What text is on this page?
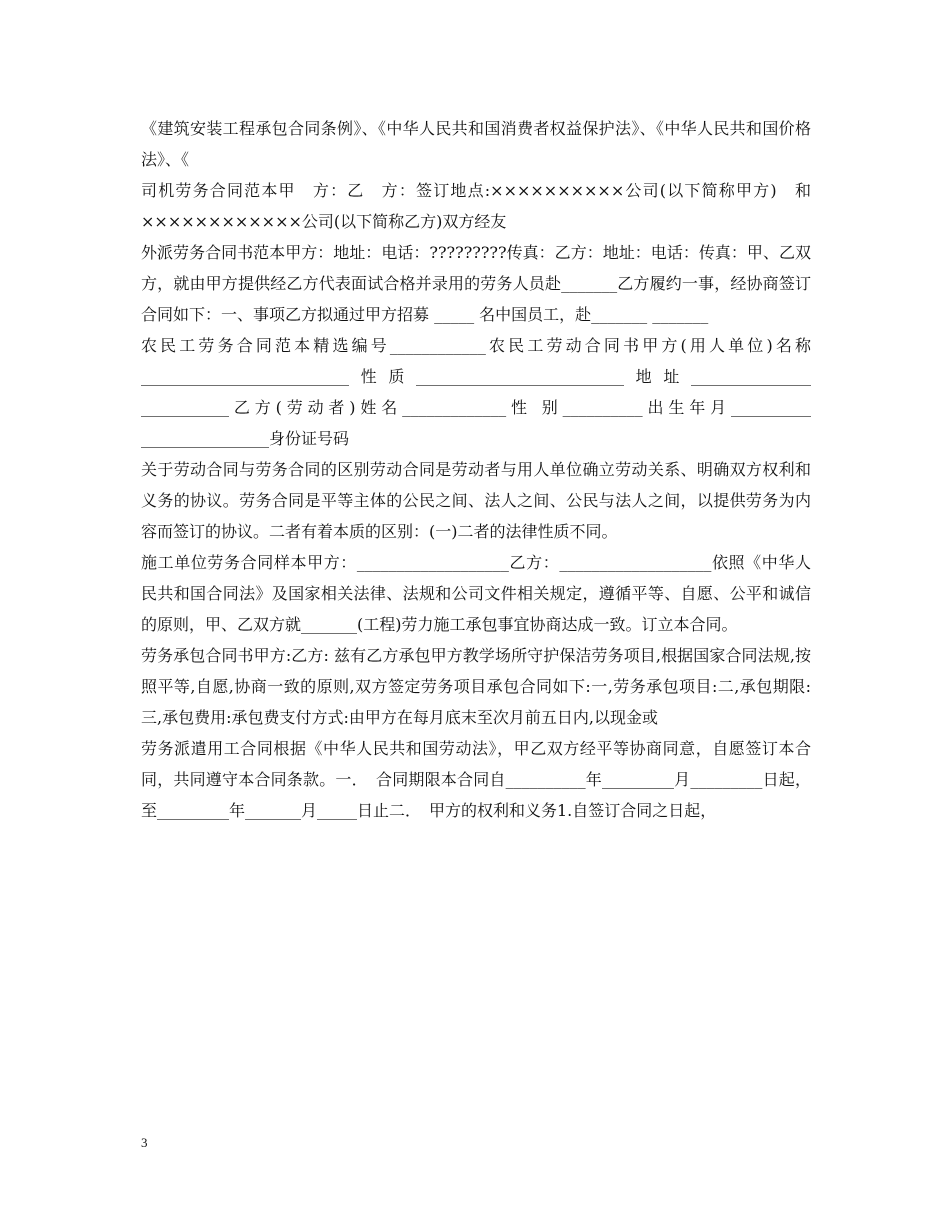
《建筑安装工程承包合同条例》、《中华人民共和国消费者权益保护法》、《中华人民共和国价格法》、《

司机劳务合同范本甲　方：乙　方：签订地点:××××××××××公司(以下简称甲方)　和　××××××××××××公司(以下简称乙方)双方经友

外派劳务合同书范本甲方：地址：电话：?????????传真：乙方：地址：电话：传真：甲、乙双方，就由甲方提供经乙方代表面试合格并录用的劳务人员赴_______乙方履约一事，经协商签订合同如下：一、事项乙方拟通过甲方招募 _____ 名中国员工，赴_______ _______

农民工劳务合同范本精选编号____________农民工劳动合同书甲方(用人单位)名称__________________________性质__________________________地址_______________ ___________乙方(劳动者)姓名_____________性 别__________出生年月__________ ________________身份证号码

关于劳动合同与劳务合同的区别劳动合同是劳动者与用人单位确立劳动关系、明确双方权利和义务的协议。劳务合同是平等主体的公民之间、法人之间、公民与法人之间，以提供劳务为内容而签订的协议。二者有着本质的区别：(一)二者的法律性质不同。

施工单位劳务合同样本甲方：___________________乙方：___________________依照《中华人民共和国合同法》及国家相关法律、法规和公司文件相关规定，遵循平等、自愿、公平和诚信的原则，甲、乙双方就_______(工程)劳力施工承包事宜协商达成一致。订立本合同。

劳务承包合同书甲方:乙方: 兹有乙方承包甲方教学场所守护保洁劳务项目,根据国家合同法规,按照平等,自愿,协商一致的原则,双方签定劳务项目承包合同如下:一,劳务承包项目:二,承包期限:三,承包费用:承包费支付方式:由甲方在每月底末至次月前五日内,以现金或

劳务派遣用工合同根据《中华人民共和国劳动法》，甲乙双方经平等协商同意，自愿签订本合同，共同遵守本合同条款。一．　合同期限本合同自__________年_________月_________日起，至_________年_______月_____日止二．　甲方的权利和义务1.自签订合同之日起，

3
